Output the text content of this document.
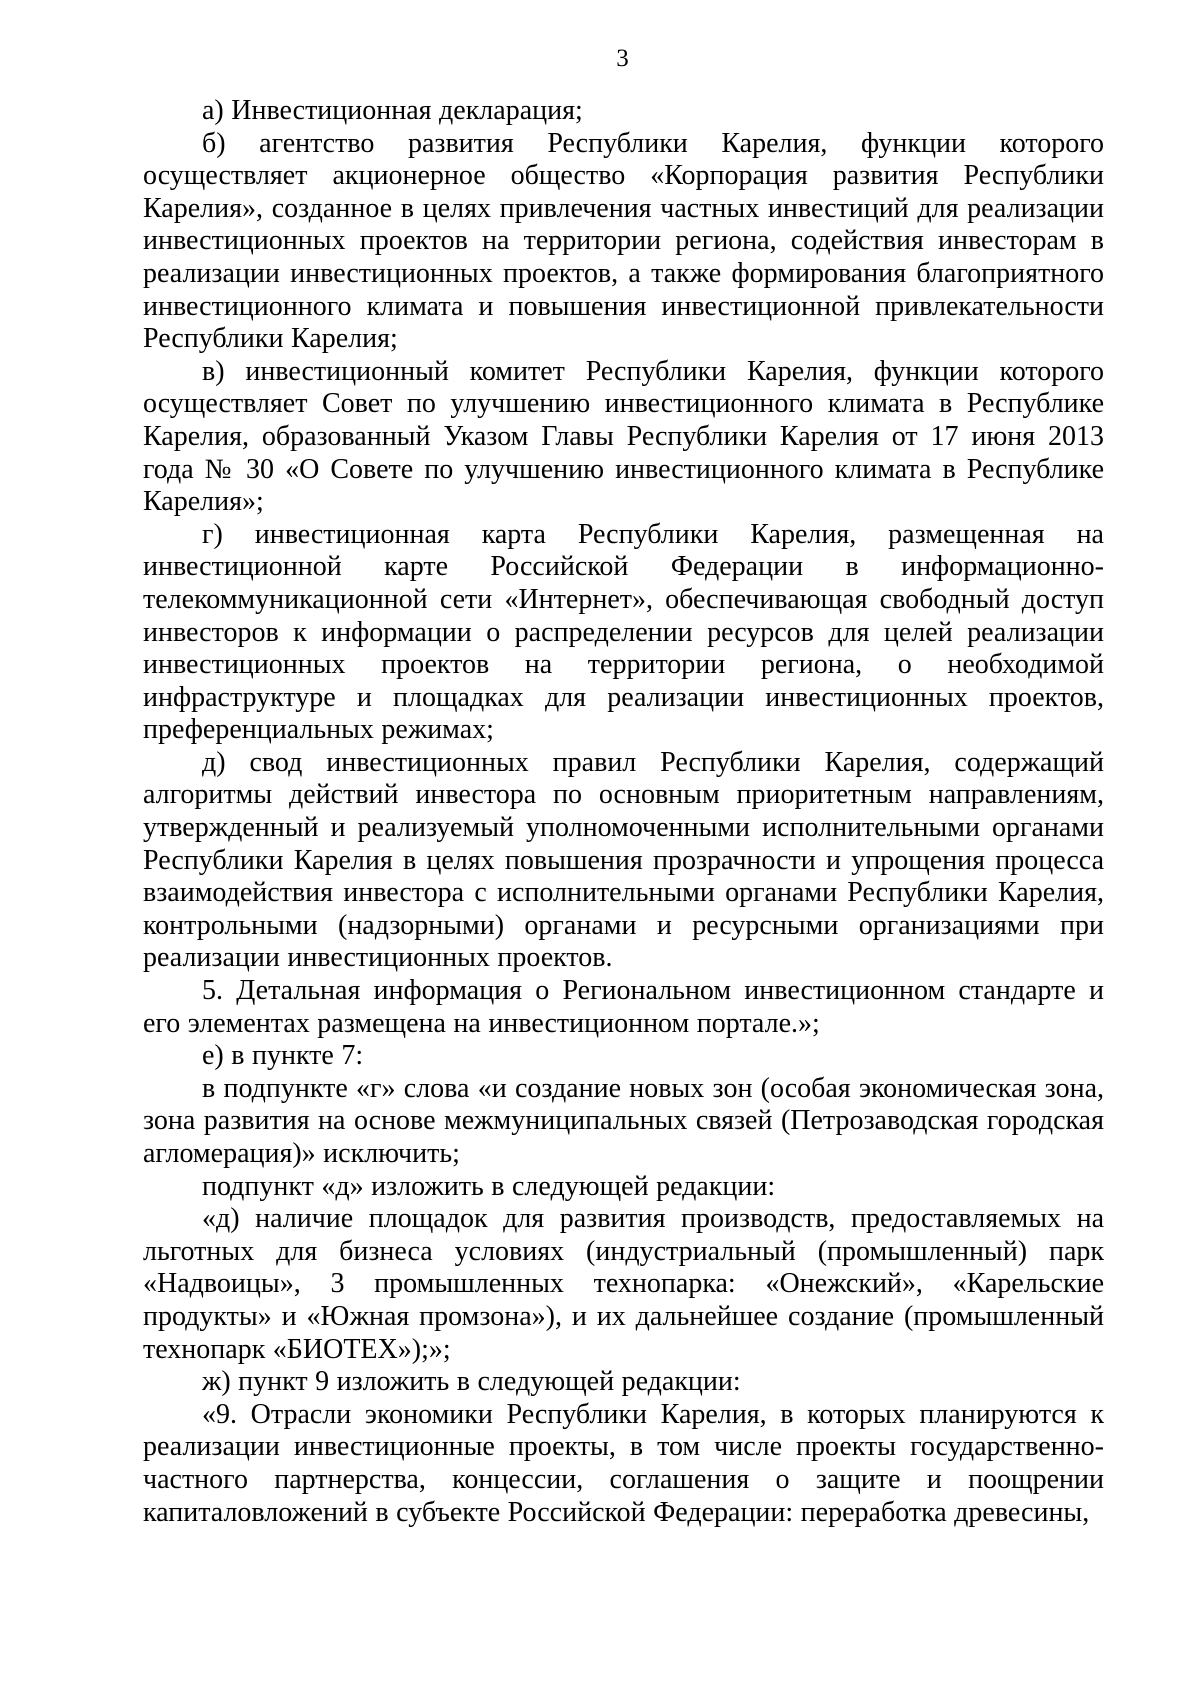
3

а) Инвестиционная декларация;

б) агентство развития Республики Карелия, функции которого осуществляет акционерное общество «Корпорация развития Республики Карелия», созданное в целях привлечения частных инвестиций для реализации инвестиционных проектов на территории региона, содействия инвесторам в реализации инвестиционных проектов, а также формирования благоприятного инвестиционного климата и повышения инвестиционной привлекательности Республики Карелия;

в) инвестиционный комитет Республики Карелия, функции которого осуществляет Совет по улучшению инвестиционного климата в Республике Карелия, образованный Указом Главы Республики Карелия от 17 июня 2013 года № 30 «О Совете по улучшению инвестиционного климата в Республике Карелия»;

г) инвестиционная карта Республики Карелия, размещенная на инвестиционной карте Российской Федерации в информационно-телекоммуникационной сети «Интернет», обеспечивающая свободный доступ инвесторов к информации о распределении ресурсов для целей реализации инвестиционных проектов на территории региона, о необходимой инфраструктуре и площадках для реализации инвестиционных проектов, преференциальных режимах;

д) свод инвестиционных правил Республики Карелия, содержащий алгоритмы действий инвестора по основным приоритетным направлениям, утвержденный и реализуемый уполномоченными исполнительными органами Республики Карелия в целях повышения прозрачности и упрощения процесса взаимодействия инвестора с исполнительными органами Республики Карелия, контрольными (надзорными) органами и ресурсными организациями при реализации инвестиционных проектов.

5. Детальная информация о Региональном инвестиционном стандарте и его элементах размещена на инвестиционном портале.»;

е) в пункте 7:

в подпункте «г» слова «и создание новых зон (особая экономическая зона, зона развития на основе межмуниципальных связей (Петрозаводская городская агломерация)» исключить;

подпункт «д» изложить в следующей редакции:

«д) наличие площадок для развития производств, предоставляемых на льготных для бизнеса условиях (индустриальный (промышленный) парк «Надвоицы», 3 промышленных технопарка: «Онежский», «Карельские продукты» и «Южная промзона»), и их дальнейшее создание (промышленный технопарк «БИОТЕХ»);»;

ж) пункт 9 изложить в следующей редакции:

«9. Отрасли экономики Республики Карелия, в которых планируются к реализации инвестиционные проекты, в том числе проекты государственно-частного партнерства, концессии, соглашения о защите и поощрении капиталовложений в субъекте Российской Федерации: переработка древесины,
